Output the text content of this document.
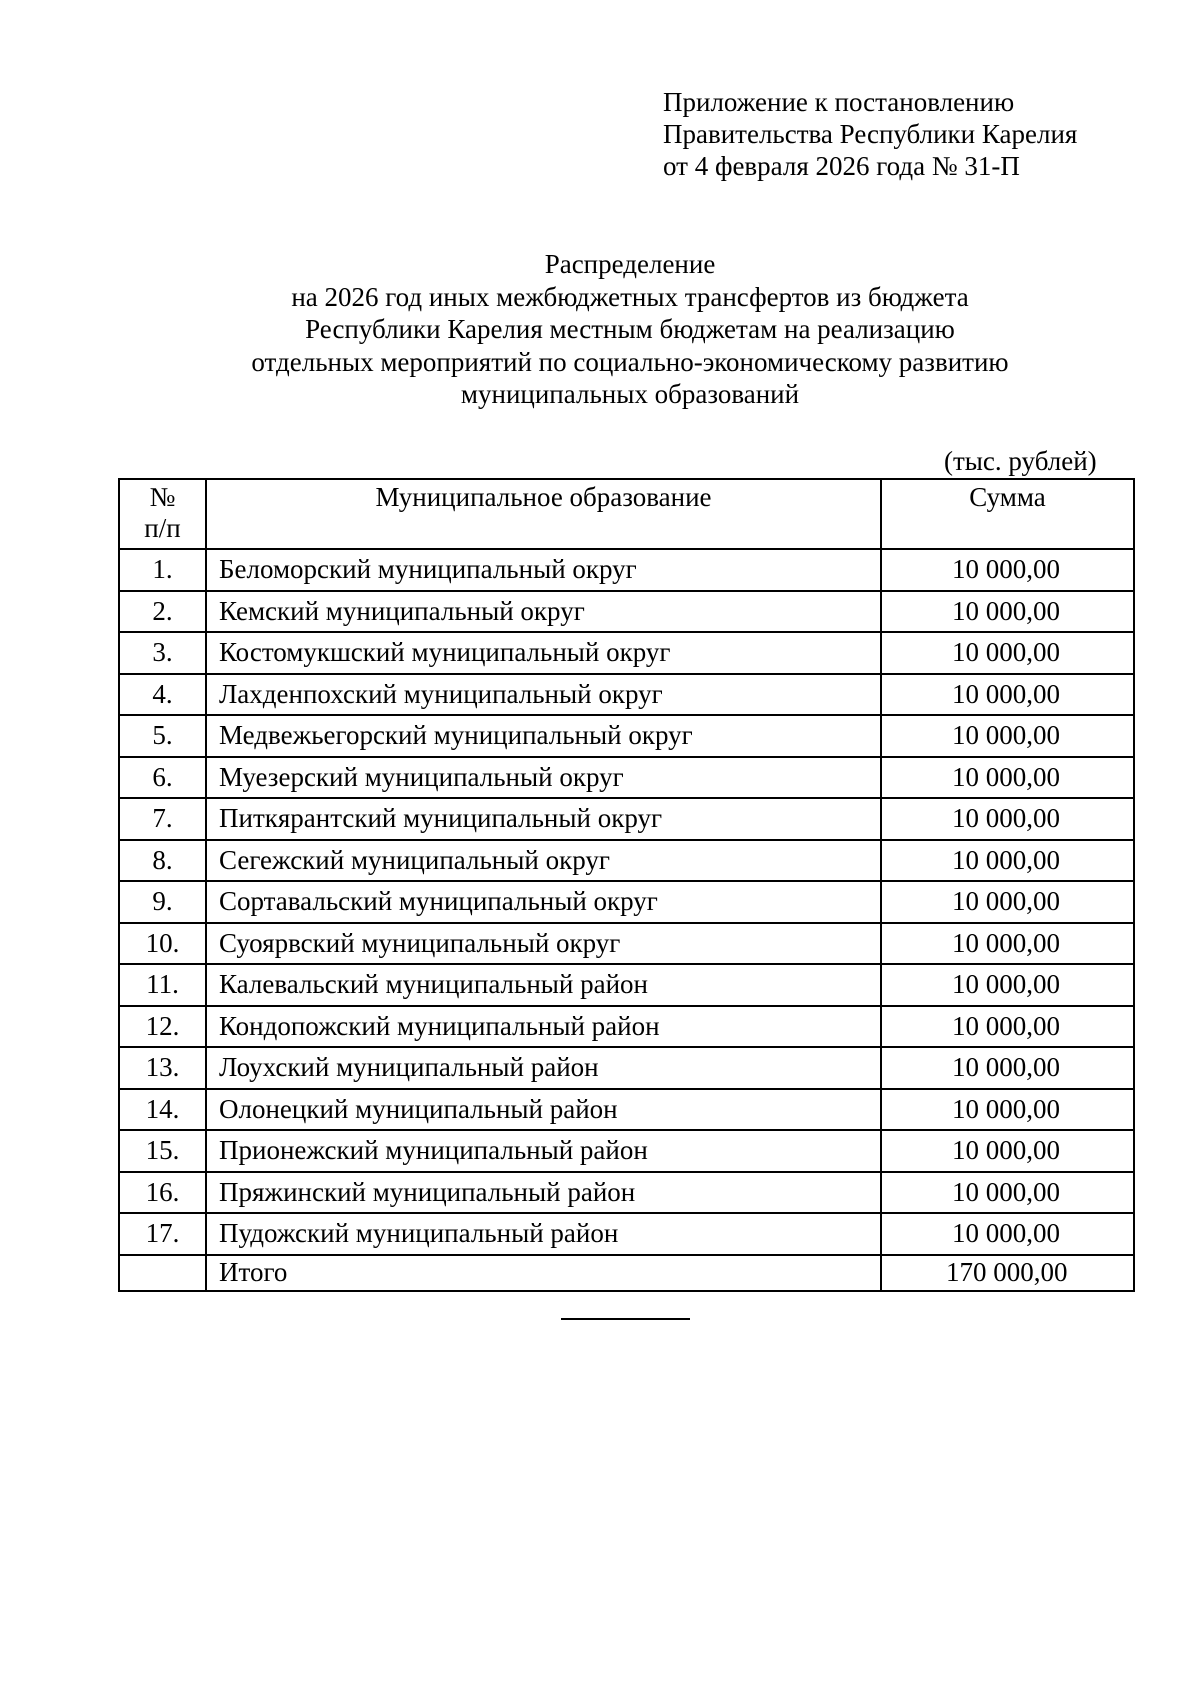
Приложение к постановлению
Правительства Республики Карелия
от 4 февраля 2026 года № 31-П
Распределение
на 2026 год иных межбюджетных трансфертов из бюджета
Республики Карелия местным бюджетам на реализацию
отдельных мероприятий по социально-экономическому развитию
муниципальных образований
(тыс. рублей)
№
п/п	Муниципальное образование	Сумма
1.	Беломорский муниципальный округ	10 000,00
2.	Кемский муниципальный округ	10 000,00
3.	Костомукшский муниципальный округ	10 000,00
4.	Лахденпохский муниципальный округ	10 000,00
5.	Медвежьегорский муниципальный округ	10 000,00
6.	Муезерский муниципальный округ	10 000,00
7.	Питкярантский муниципальный округ	10 000,00
8.	Сегежский муниципальный округ	10 000,00
9.	Сортавальский муниципальный округ	10 000,00
10.	Суоярвский муниципальный округ	10 000,00
11.	Калевальский муниципальный район	10 000,00
12.	Кондопожский муниципальный район	10 000,00
13.	Лоухский муниципальный район	10 000,00
14.	Олонецкий муниципальный район	10 000,00
15.	Прионежский муниципальный район	10 000,00
16.	Пряжинский муниципальный район	10 000,00
17.	Пудожский муниципальный район	10 000,00
	Итого	170 000,00
